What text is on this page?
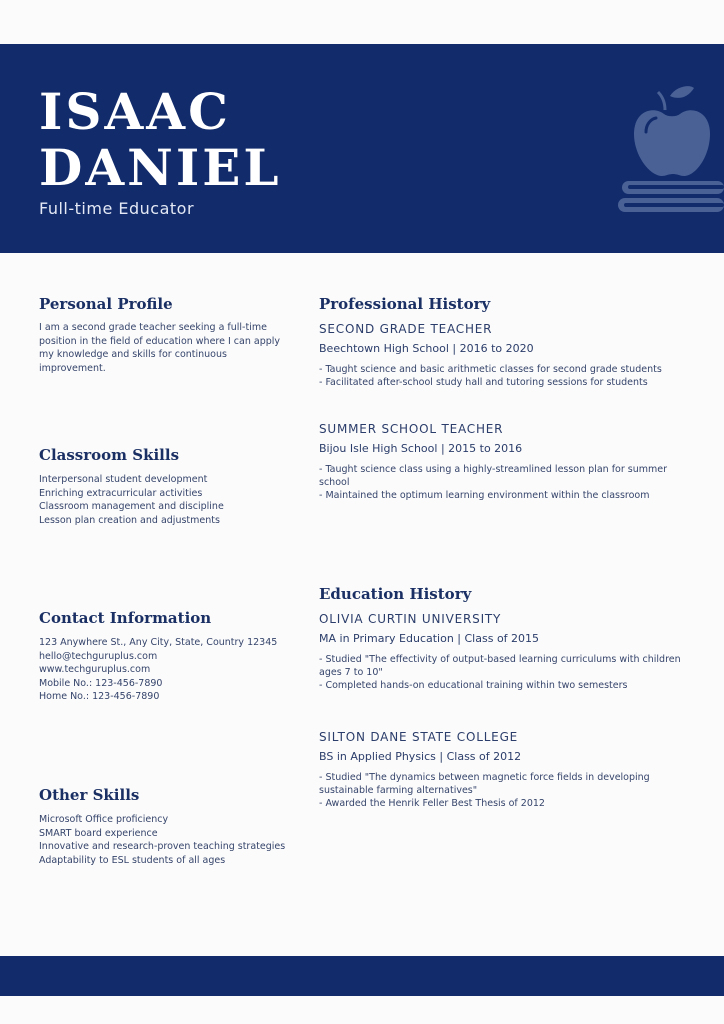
ISAAC
DANIEL
Full-time Educator
Personal Profile

I am a second grade teacher seeking a full-time position in the field of education where I can apply my knowledge and skills for continuous improvement.

Classroom Skills
Interpersonal student development
Enriching extracurricular activities
Classroom management and discipline
Lesson plan creation and adjustments
Contact Information
123 Anywhere St., Any City, State, Country 12345
hello@techguruplus.com
www.techguruplus.com
Mobile No.: 123-456-7890
Home No.: 123-456-7890
Other Skills
Microsoft Office proficiency
SMART board experience
Innovative and research-proven teaching strategies
Adaptability to ESL students of all ages
Professional History
SECOND GRADE TEACHER
Beechtown High School | 2016 to 2020
- Taught science and basic arithmetic classes for second grade students
- Facilitated after-school study hall and tutoring sessions for students
SUMMER SCHOOL TEACHER
Bijou Isle High School | 2015 to 2016
- Taught science class using a highly-streamlined lesson plan for summer school
- Maintained the optimum learning environment within the classroom
Education History
OLIVIA CURTIN UNIVERSITY
MA in Primary Education | Class of 2015
- Studied "The effectivity of output-based learning curriculums with children ages 7 to 10"
- Completed hands-on educational training within two semesters
SILTON DANE STATE COLLEGE
BS in Applied Physics | Class of 2012
- Studied "The dynamics between magnetic force fields in developing sustainable farming alternatives"
- Awarded the Henrik Feller Best Thesis of 2012
